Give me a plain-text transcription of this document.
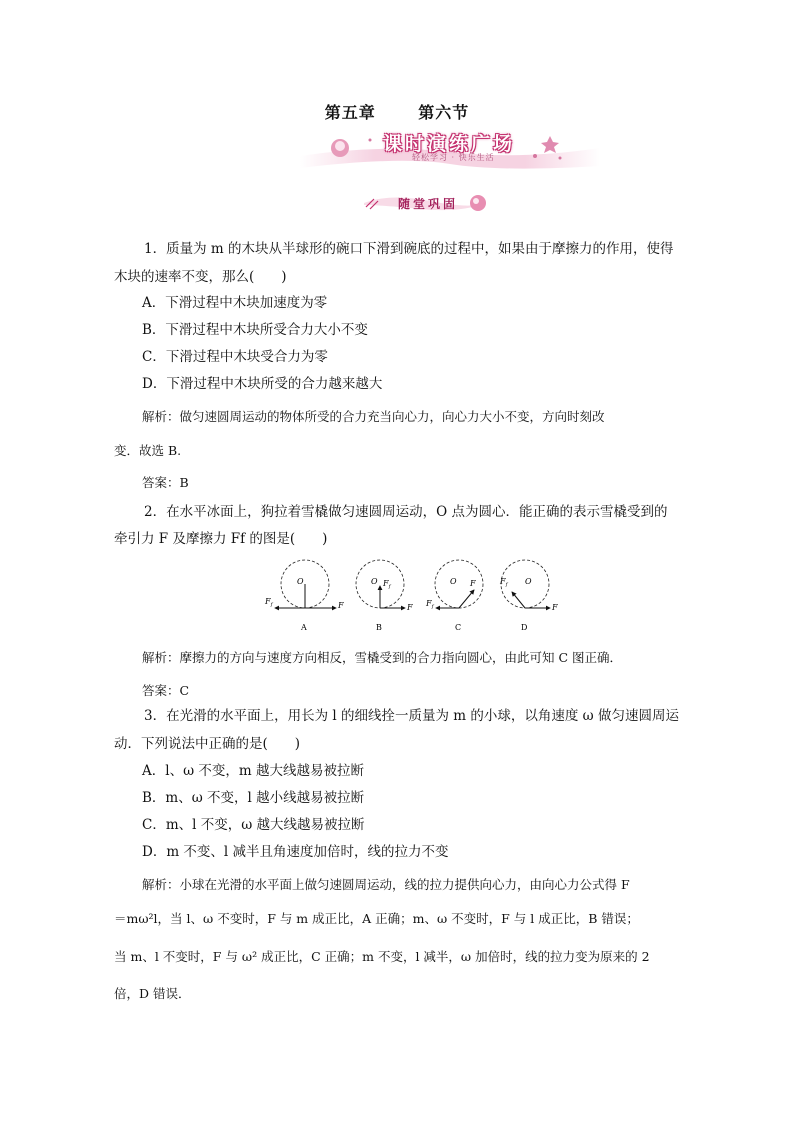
第五章	第六节
课时演练广场
轻松学习 · 快乐生活
随堂巩固
1．质量为 m 的木块从半球形的碗口下滑到碗底的过程中，如果由于摩擦力的作用，使得
木块的速率不变，那么(　　)
A．下滑过程中木块加速度为零
B．下滑过程中木块所受合力大小不变
C．下滑过程中木块受合力为零
D．下滑过程中木块所受的合力越来越大
解析：做匀速圆周运动的物体所受的合力充当向心力，向心力大小不变，方向时刻改
变．故选 B.
答案：B
2．在水平冰面上，狗拉着雪橇做匀速圆周运动，O 点为圆心．能正确的表示雪橇受到的
牵引力 F 及摩擦力 Ff 的图是(　　)
O
$F_f$	F
A
O $F_f$
F
B
O F
$F_f$
C
O
$F_f$
F
D
解析：摩擦力的方向与速度方向相反，雪橇受到的合力指向圆心，由此可知 C 图正确．
答案：C
3．在光滑的水平面上，用长为 l 的细线拴一质量为 m 的小球，以角速度 ω 做匀速圆周运
动．下列说法中正确的是(　　)
A．l、ω 不变，m 越大线越易被拉断
B．m、ω 不变，l 越小线越易被拉断
C．m、l 不变，ω 越大线越易被拉断
D．m 不变、l 减半且角速度加倍时，线的拉力不变
解析：小球在光滑的水平面上做匀速圆周运动，线的拉力提供向心力，由向心力公式得 F
＝mω²l，当 l、ω 不变时，F 与 m 成正比，A 正确；m、ω 不变时，F 与 l 成正比，B 错误；
当 m、l 不变时，F 与 ω² 成正比，C 正确；m 不变，l 减半，ω 加倍时，线的拉力变为原来的 2
倍，D 错误．
